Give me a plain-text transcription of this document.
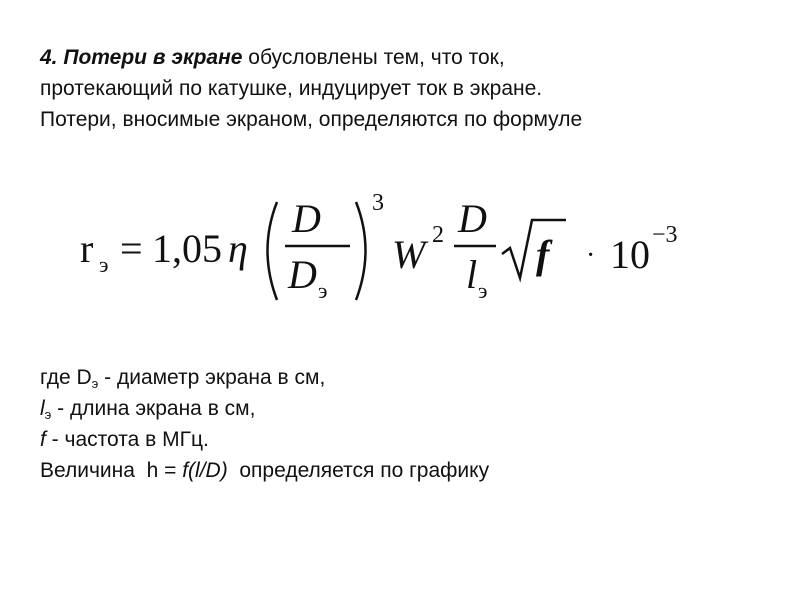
4. Потери в экране обусловлены тем, что ток,
протекающий по катушке, индуцирует ток в экране.
Потери, вносимые экраном, определяются по формуле
r э = 1,05 η
D
D э
3
W 2 D
l э
f · 10 −3
где $D_э$ - диаметр экрана в см,
$l_э$ - длина экрана в см,
f - частота в МГц.
Величина  h = f(l/D)  определяется по графику
